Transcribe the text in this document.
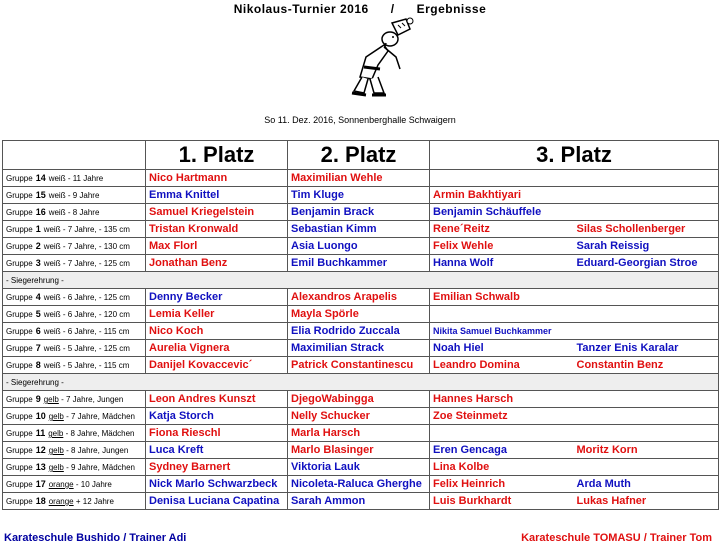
Nikolaus-Turnier 2016 / Ergebnisse
So 11. Dez. 2016, Sonnenberghalle Schwaigern
	1. Platz	2. Platz	3. Platz	
Gruppe 14 weiß - 11 Jahre	Nico Hartmann	Maximilian Wehle		
Gruppe 15 weiß - 9 Jahre	Emma Knittel	Tim Kluge	Armin Bakhtiyari	
Gruppe 16 weiß - 8 Jahre	Samuel Kriegelstein	Benjamin Brack	Benjamin Schäuffele	
Gruppe 1 weiß - 7 Jahre, - 135 cm	Tristan Kronwald	Sebastian Kimm	Rene´Reitz	Silas Schollenberger
Gruppe 2 weiß - 7 Jahre, - 130 cm	Max Florl	Asia Luongo	Felix Wehle	Sarah Reissig
Gruppe 3 weiß - 7 Jahre, - 125 cm	Jonathan Benz	Emil Buchkammer	Hanna Wolf	Eduard-Georgian Stroe
- Siegerehrung -				
Gruppe 4 weiß - 6 Jahre, - 125 cm	Denny Becker	Alexandros Arapelis	Emilian Schwalb	
Gruppe 5 weiß - 6 Jahre, - 120 cm	Lemia Keller	Mayla Spörle		
Gruppe 6 weiß - 6 Jahre, - 115 cm	Nico Koch	Elia Rodrido Zuccala	Nikita Samuel Buchkammer	
Gruppe 7 weiß - 5 Jahre, - 125 cm	Aurelia Vignera	Maximilian Strack	Noah Hiel	Tanzer Enis Karalar
Gruppe 8 weiß - 5 Jahre, - 115 cm	Danijel Kovaccevic´	Patrick Constantinescu	Leandro Domina	Constantin Benz
- Siegerehrung -				
Gruppe 9 gelb - 7 Jahre, Jungen	Leon Andres Kunszt	DjegoWabingga	Hannes Harsch	
Gruppe 10 gelb - 7 Jahre, Mädchen	Katja Storch	Nelly Schucker	Zoe Steinmetz	
Gruppe 11 gelb - 8 Jahre, Mädchen	Fiona Rieschl	Marla Harsch		
Gruppe 12 gelb - 8 Jahre, Jungen	Luca Kreft	Marlo Blasinger	Eren Gencaga	Moritz Korn
Gruppe 13 gelb - 9 Jahre, Mädchen	Sydney Barnert	Viktoria Lauk	Lina Kolbe	
Gruppe 17 orange - 10 Jahre	Nick Marlo Schwarzbeck	Nicoleta-Raluca Gherghe	Felix Heinrich	Arda Muth
Gruppe 18 orange + 12 Jahre	Denisa Luciana Capatina	Sarah Ammon	Luis Burkhardt	Lukas Hafner
Karateschule Bushido / Trainer Adi	Karateschule TOMASU / Trainer Tom
